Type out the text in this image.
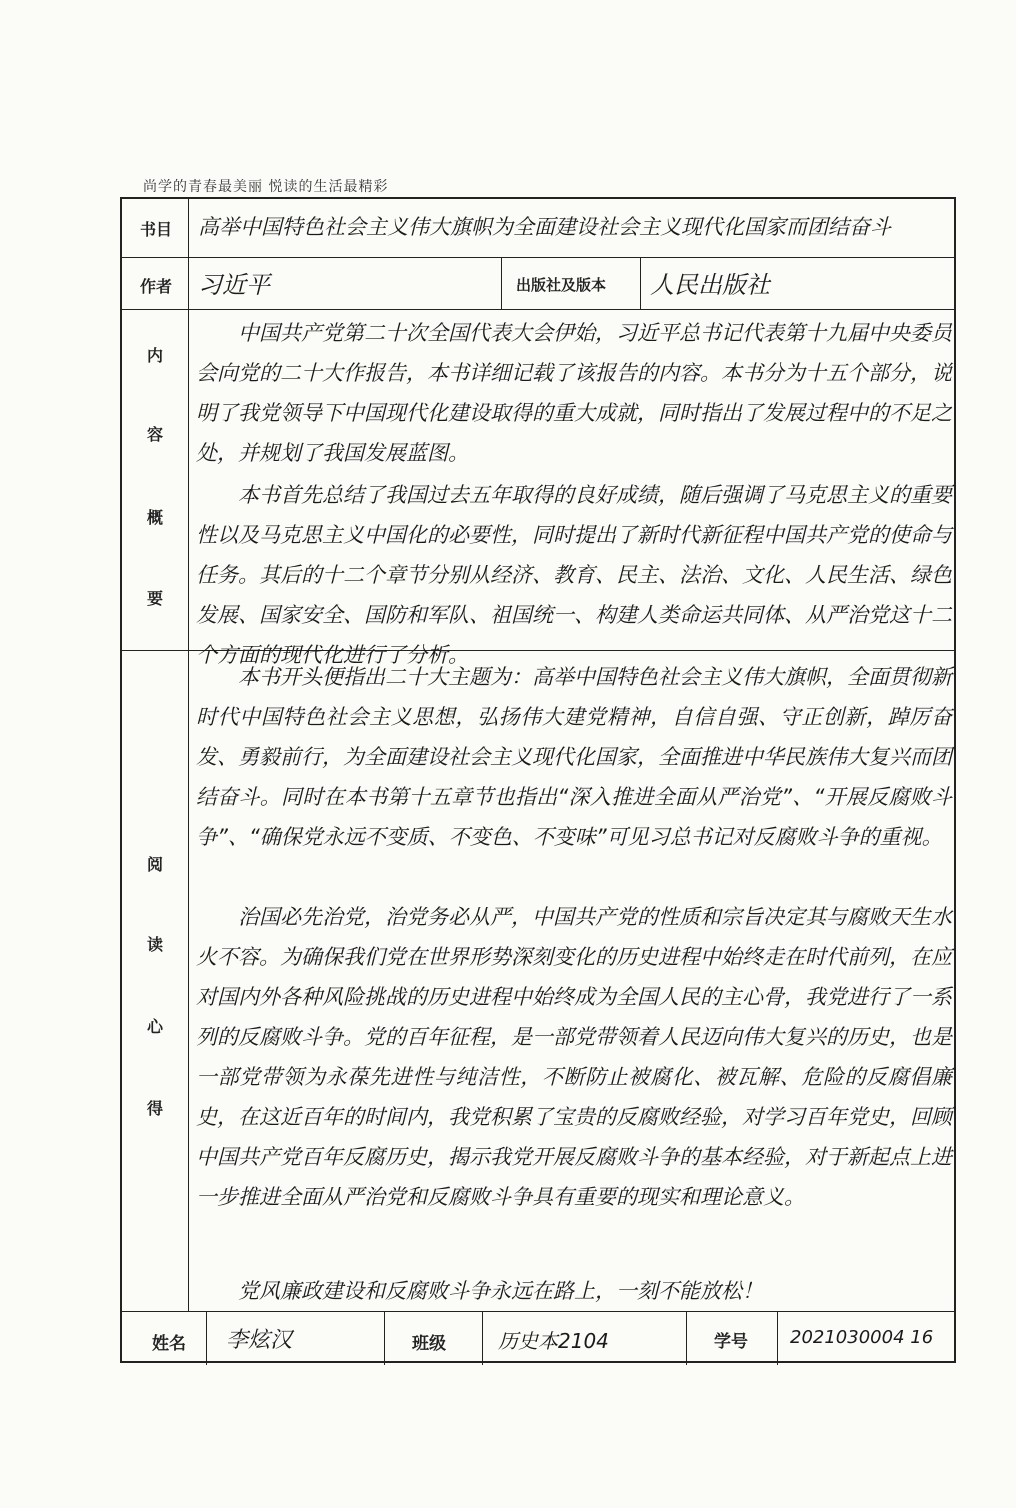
尚学的青春最美丽 悦读的生活最精彩
书目 高举中国特色社会主义伟大旗帜为全面建设社会主义现代化国家而团结奋斗
作者 习近平	出版社及版本 人民出版社
内
容
概
要
中国共产党第二十次全国代表大会伊始，习近平总书记代表第十九届中央委员会向党的二十大作报告，本书详细记载了该报告的内容。本书分为十五个部分，说明了我党领导下中国现代化建设取得的重大成就，同时指出了发展过程中的不足之处，并规划了我国发展蓝图。
本书首先总结了我国过去五年取得的良好成绩，随后强调了马克思主义的重要性以及马克思主义中国化的必要性，同时提出了新时代新征程中国共产党的使命与任务。其后的十二个章节分别从经济、教育、民主、法治、文化、人民生活、绿色发展、国家安全、国防和军队、祖国统一、构建人类命运共同体、从严治党这十二个方面的现代化进行了分析。
阅
读
心
得
本书开头便指出二十大主题为：高举中国特色社会主义伟大旗帜，全面贯彻新时代中国特色社会主义思想，弘扬伟大建党精神，自信自强、守正创新，踔厉奋发、勇毅前行，为全面建设社会主义现代化国家，全面推进中华民族伟大复兴而团结奋斗。同时在本书第十五章节也指出“深入推进全面从严治党”、“开展反腐败斗争”、“确保党永远不变质、不变色、不变味”可见习总书记对反腐败斗争的重视。
治国必先治党，治党务必从严，中国共产党的性质和宗旨决定其与腐败天生水火不容。为确保我们党在世界形势深刻变化的历史进程中始终走在时代前列，在应对国内外各种风险挑战的历史进程中始终成为全国人民的主心骨，我党进行了一系列的反腐败斗争。党的百年征程，是一部党带领着人民迈向伟大复兴的历史，也是一部党带领为永葆先进性与纯洁性，不断防止被腐化、被瓦解、危险的反腐倡廉史，在这近百年的时间内，我党积累了宝贵的反腐败经验，对学习百年党史，回顾中国共产党百年反腐历史，揭示我党开展反腐败斗争的基本经验，对于新起点上进一步推进全面从严治党和反腐败斗争具有重要的现实和理论意义。
党风廉政建设和反腐败斗争永远在路上，一刻不能放松！
姓名 李炫汉	班级	历史本2104	学号 2021030004 16
